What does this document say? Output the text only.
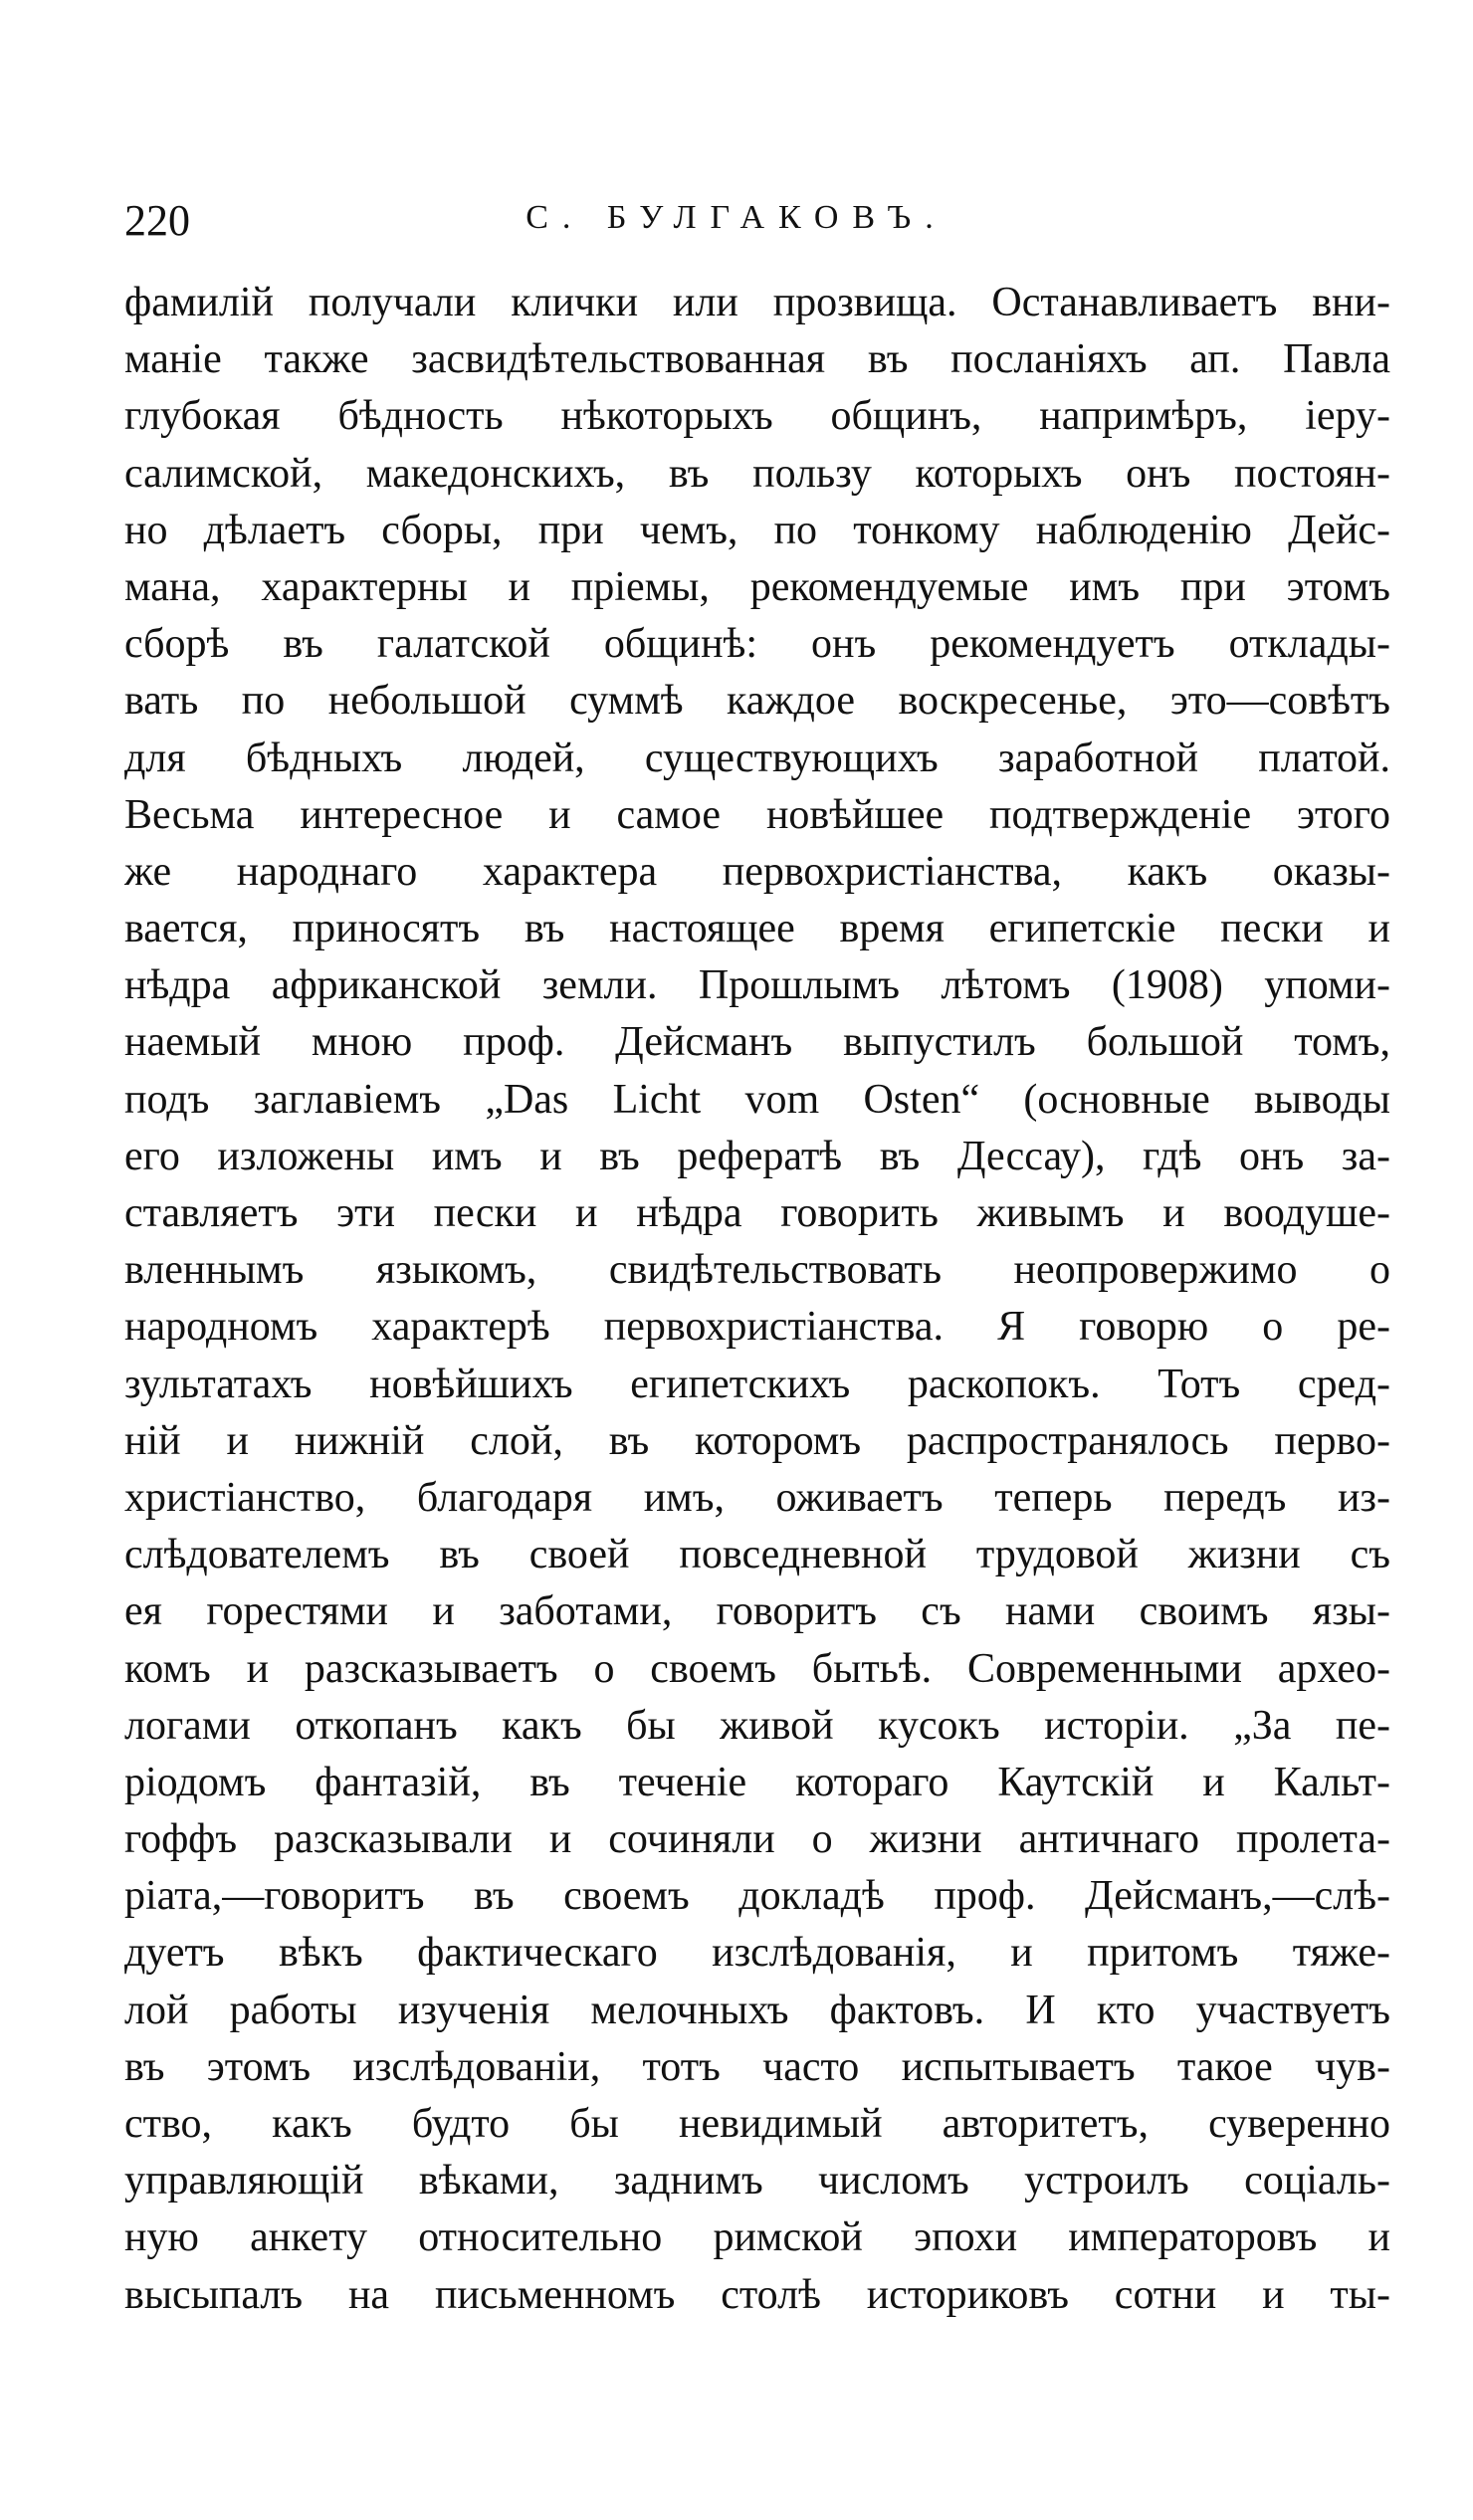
220	С. БУЛГАКОВЪ.
фамилій получали клички или прозвища. Останавливаетъ вни-
маніе также засвидѣтельствованная въ посланіяхъ ап. Павла
глубокая бѣдность нѣкоторыхъ общинъ, напримѣръ, іеру-
салимской, македонскихъ, въ пользу которыхъ онъ постоян-
но дѣлаетъ сборы, при чемъ, по тонкому наблюденію Дейс-
мана, характерны и пріемы, рекомендуемые имъ при этомъ
сборѣ въ галатской общинѣ: онъ рекомендуетъ отклады-
вать по небольшой суммѣ каждое воскресенье, это—совѣтъ
для бѣдныхъ людей, существующихъ заработной платой.
Весьма интересное и самое новѣйшее подтвержденіе этого
же народнаго характера первохристіанства, какъ оказы-
вается, приносятъ въ настоящее время египетскіе пески и
нѣдра африканской земли. Прошлымъ лѣтомъ (1908) упоми-
наемый мною проф. Дейсманъ выпустилъ большой томъ,
подъ заглавіемъ „Das Licht vom Osten“ (основные выводы
его изложены имъ и въ рефератѣ въ Дессау), гдѣ онъ за-
ставляетъ эти пески и нѣдра говорить живымъ и воодуше-
вленнымъ языкомъ, свидѣтельствовать неопровержимо о
народномъ характерѣ первохристіанства. Я говорю о ре-
зультатахъ новѣйшихъ египетскихъ раскопокъ. Тотъ сред-
ній и нижній слой, въ которомъ распространялось перво-
христіанство, благодаря имъ, оживаетъ теперь передъ из-
слѣдователемъ въ своей повседневной трудовой жизни съ
ея горестями и заботами, говоритъ съ нами своимъ язы-
комъ и разсказываетъ о своемъ бытьѣ. Современными архео-
логами откопанъ какъ бы живой кусокъ исторіи. „За пе-
ріодомъ фантазій, въ теченіе котораго Каутскій и Кальт-
гоффъ разсказывали и сочиняли о жизни античнаго пролета-
ріата,—говоритъ въ своемъ докладѣ проф. Дейсманъ,—слѣ-
дуетъ вѣкъ фактическаго изслѣдованія, и притомъ тяже-
лой работы изученія мелочныхъ фактовъ. И кто участвуетъ
въ этомъ изслѣдованіи, тотъ часто испытываетъ такое чув-
ство, какъ будто бы невидимый авторитетъ, суверенно
управляющій вѣками, заднимъ числомъ устроилъ соціаль-
ную анкету относительно римской эпохи императоровъ и
высыпалъ на письменномъ столѣ историковъ сотни и ты-
